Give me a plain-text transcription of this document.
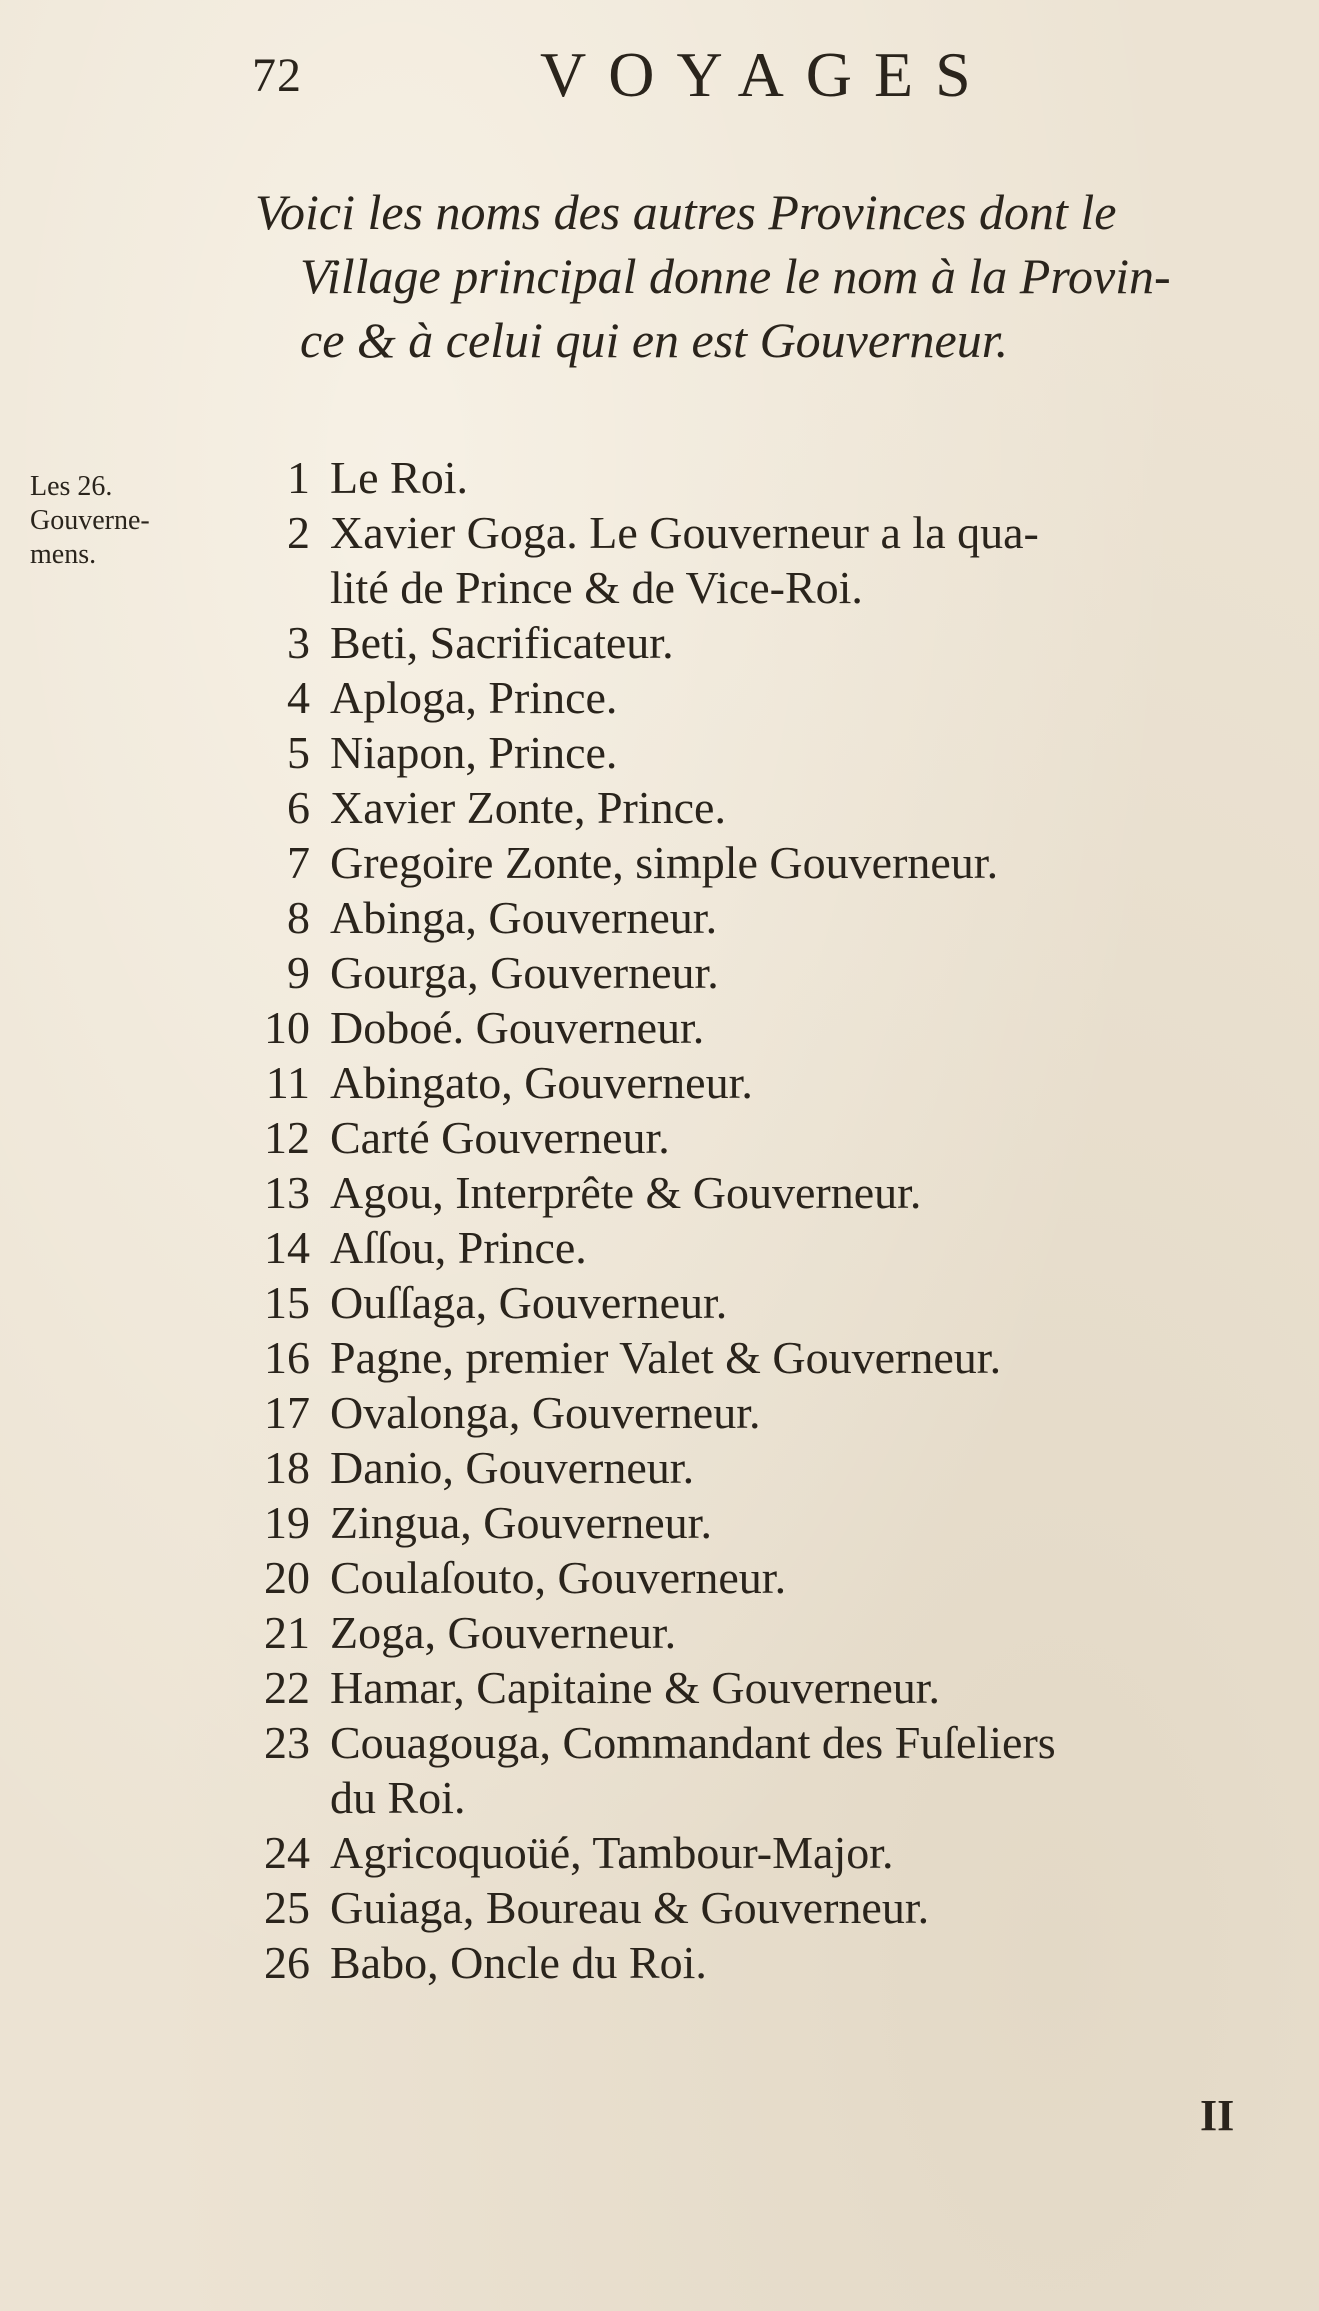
72	VOYAGES
Voici les noms des autres Provinces dont le
Village principal donne le nom à la Provin-
ce & à celui qui en est Gouverneur.
Les 26.
Gouverne-
mens.
1 Le Roi.
2 Xavier Goga. Le Gouverneur a la qua-
lité de Prince & de Vice-Roi.
3 Beti, Sacrificateur.
4 Aploga, Prince.
5 Niapon, Prince.
6 Xavier Zonte, Prince.
7 Gregoire Zonte, simple Gouverneur.
8 Abinga, Gouverneur.
9 Gourga, Gouverneur.
10 Doboé. Gouverneur.
11 Abingato, Gouverneur.
12 Carté Gouverneur.
13 Agou, Interprête & Gouverneur.
14 Aſſou, Prince.
15 Ouſſaga, Gouverneur.
16 Pagne, premier Valet & Gouverneur.
17 Ovalonga, Gouverneur.
18 Danio, Gouverneur.
19 Zingua, Gouverneur.
20 Coulaſouto, Gouverneur.
21 Zoga, Gouverneur.
22 Hamar, Capitaine & Gouverneur.
23 Couagouga, Commandant des Fuſeliers
du Roi.
24 Agricoquoüé, Tambour-Major.
25 Guiaga, Boureau & Gouverneur.
26 Babo, Oncle du Roi.
II
